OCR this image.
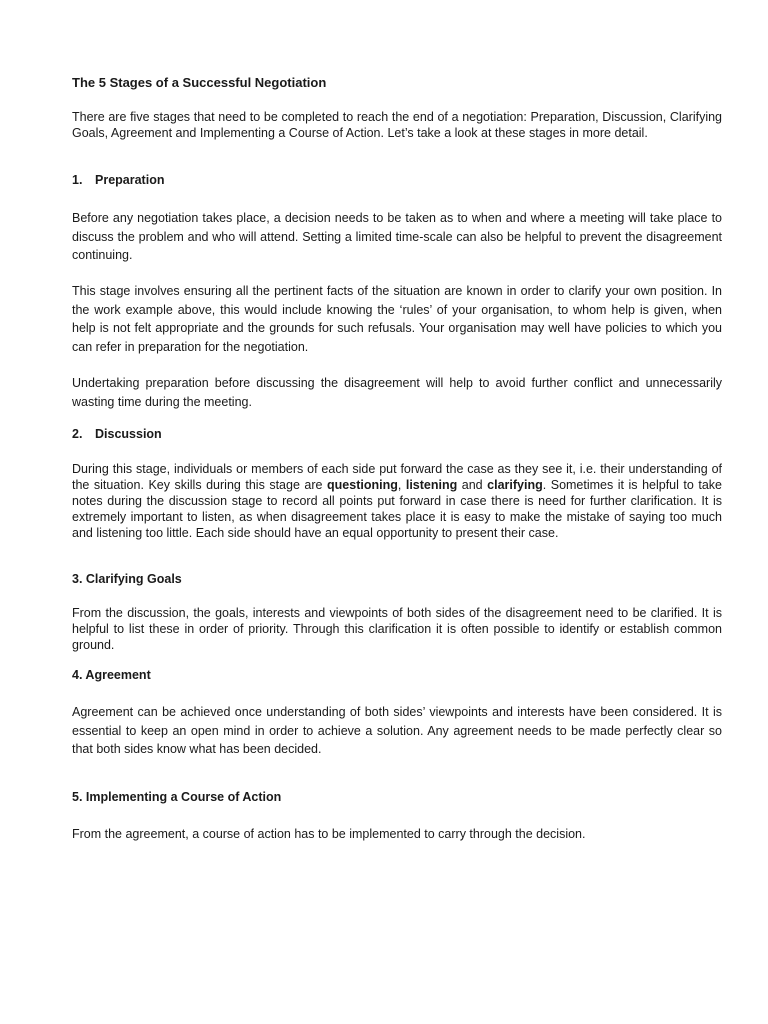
The 5 Stages of a Successful Negotiation

There are five stages that need to be completed to reach the end of a negotiation: Preparation, Discussion, Clarifying Goals, Agreement and Implementing a Course of Action. Let’s take a look at these stages in more detail.

1. Preparation

Before any negotiation takes place, a decision needs to be taken as to when and where a meeting will take place to discuss the problem and who will attend. Setting a limited time-scale can also be helpful to prevent the disagreement continuing.

This stage involves ensuring all the pertinent facts of the situation are known in order to clarify your own position. In the work example above, this would include knowing the ‘rules’ of your organisation, to whom help is given, when help is not felt appropriate and the grounds for such refusals. Your organisation may well have policies to which you can refer in preparation for the negotiation.

Undertaking preparation before discussing the disagreement will help to avoid further conflict and unnecessarily wasting time during the meeting.

2. Discussion

During this stage, individuals or members of each side put forward the case as they see it, i.e. their understanding of the situation. Key skills during this stage are questioning, listening and clarifying. Sometimes it is helpful to take notes during the discussion stage to record all points put forward in case there is need for further clarification. It is extremely important to listen, as when disagreement takes place it is easy to make the mistake of saying too much and listening too little. Each side should have an equal opportunity to present their case.

3. Clarifying Goals

From the discussion, the goals, interests and viewpoints of both sides of the disagreement need to be clarified. It is helpful to list these in order of priority. Through this clarification it is often possible to identify or establish common ground.

4. Agreement

Agreement can be achieved once understanding of both sides’ viewpoints and interests have been considered. It is essential to keep an open mind in order to achieve a solution. Any agreement needs to be made perfectly clear so that both sides know what has been decided.

5. Implementing a Course of Action

From the agreement, a course of action has to be implemented to carry through the decision.
